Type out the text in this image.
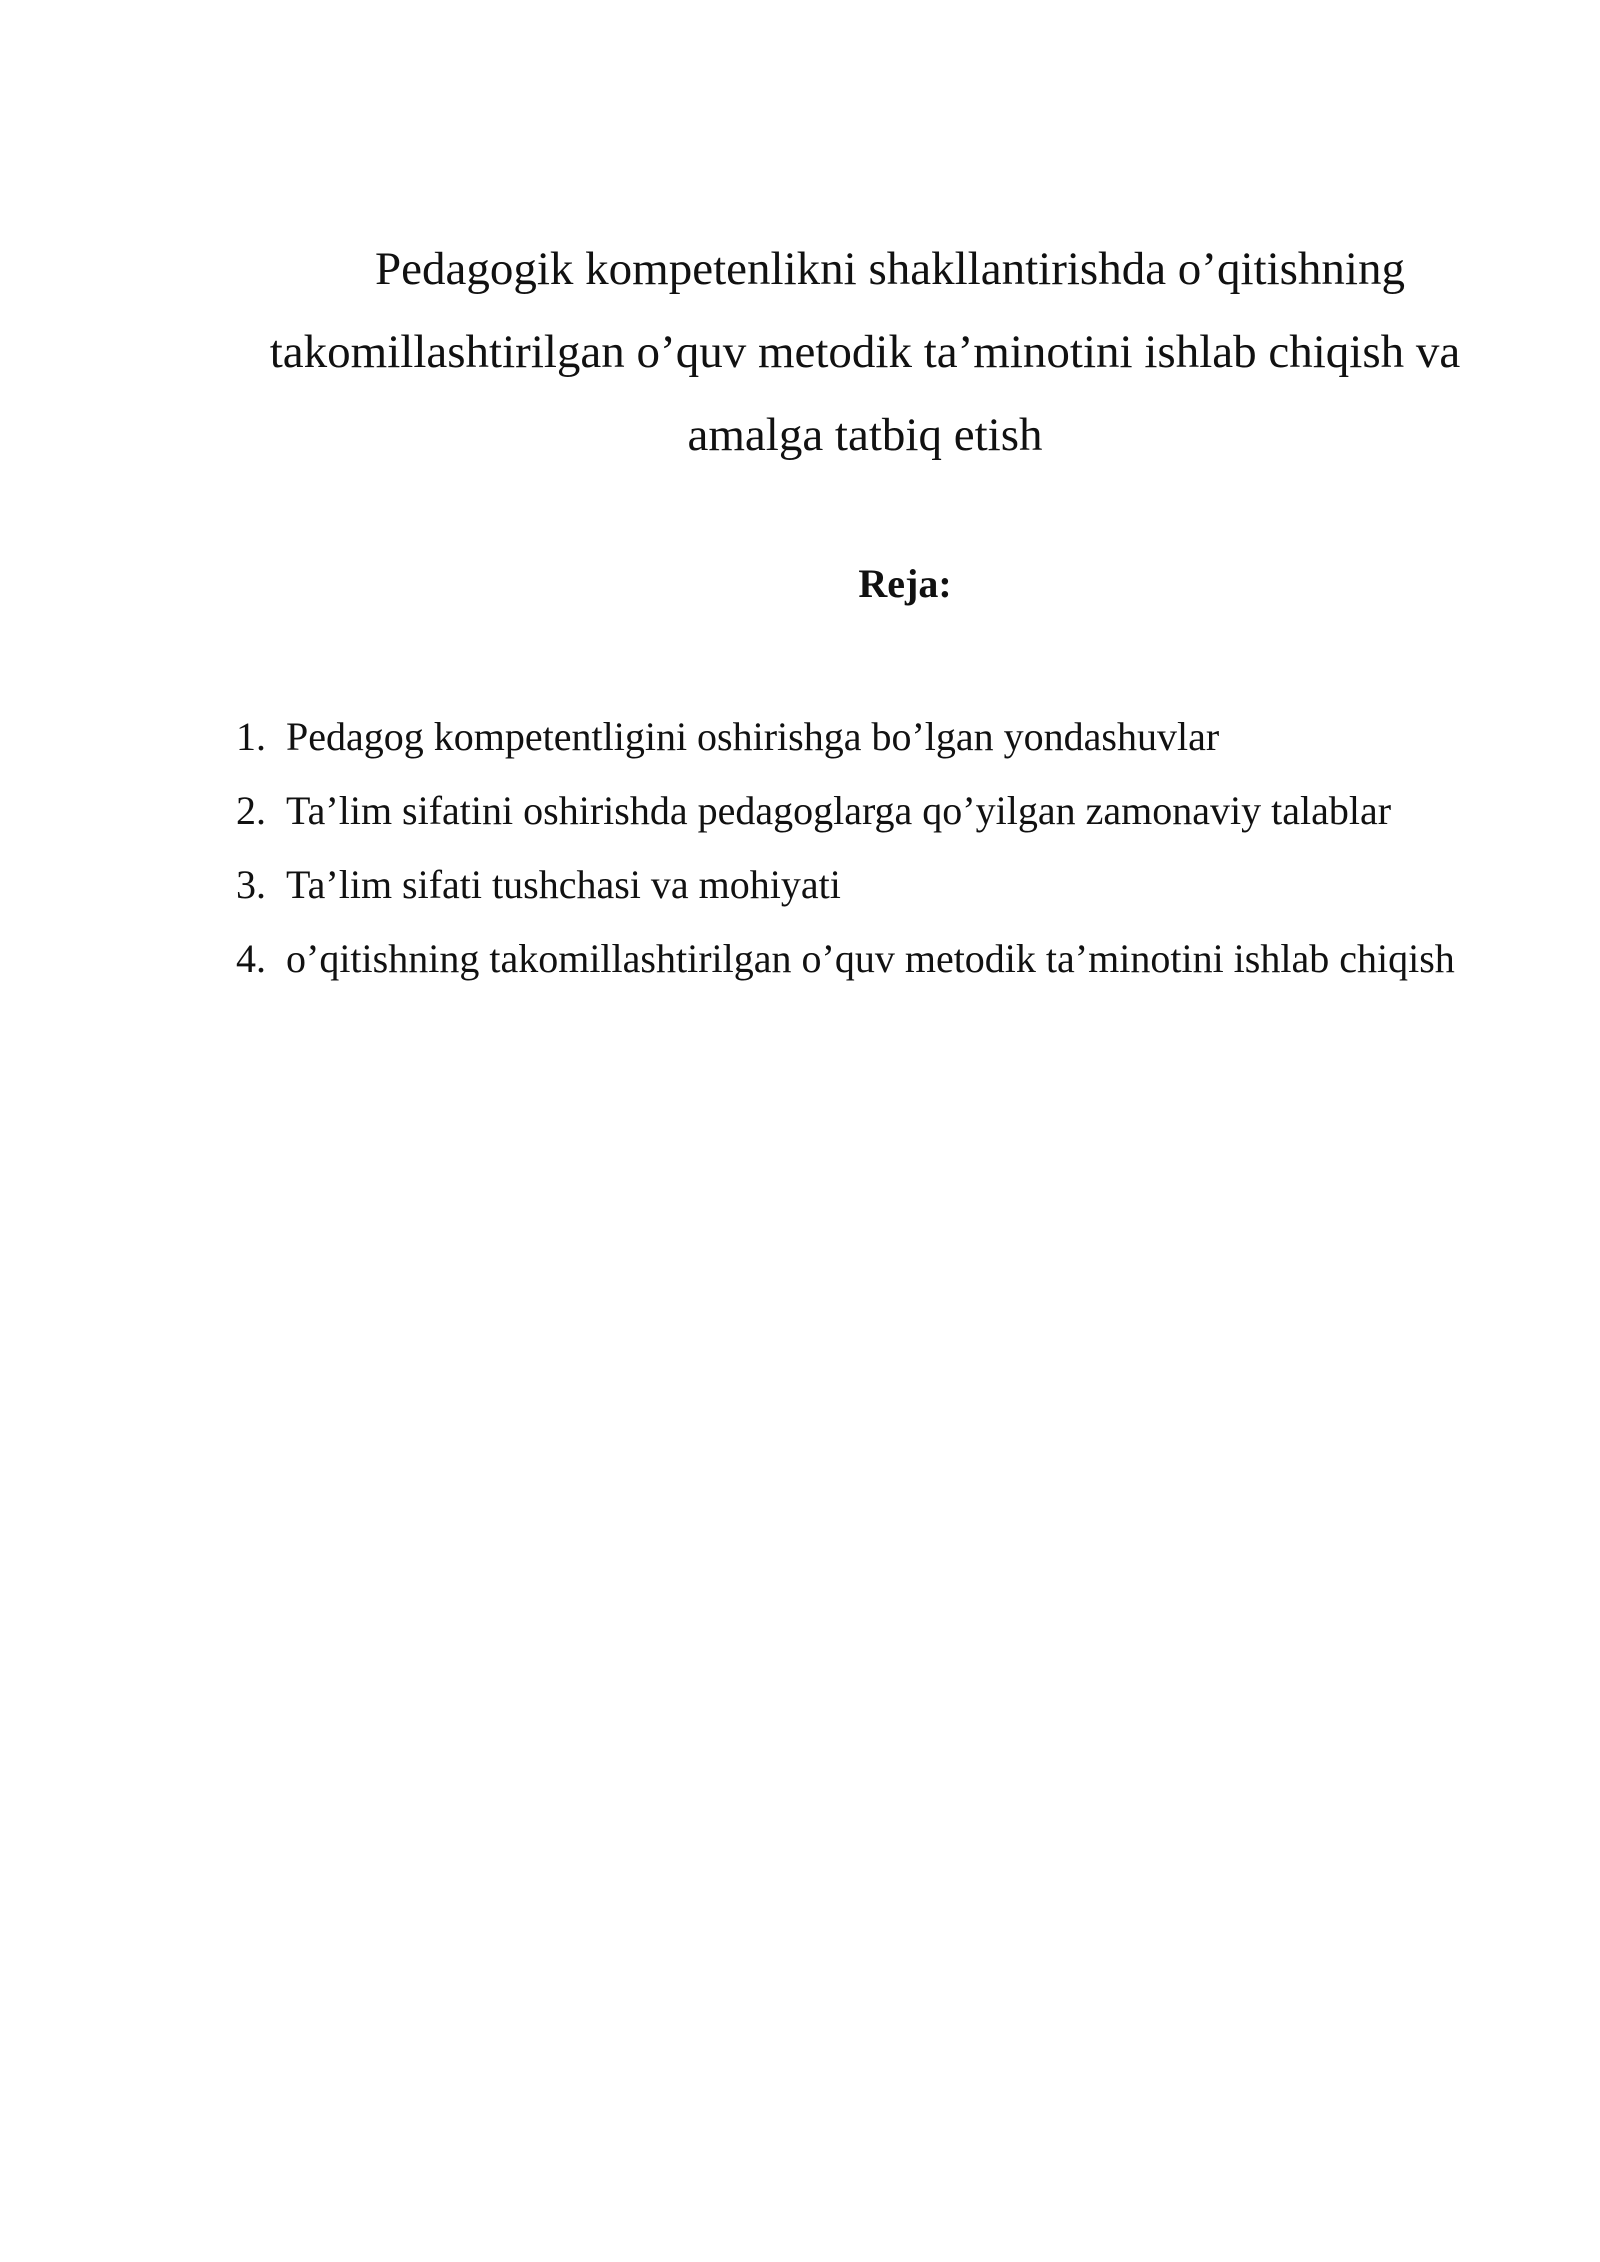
Pedagogik kompetenlikni shakllantirishda o’qitishning takomillashtirilgan o’quv metodik ta’minotini ishlab chiqish va amalga tatbiq etish
Reja:
1. Pedagog kompetentligini oshirishga bo’lgan yondashuvlar
2. Ta’lim sifatini oshirishda pedagoglarga qo’yilgan zamonaviy talablar
3. Ta’lim sifati tushchasi va mohiyati
4. o’qitishning takomillashtirilgan o’quv metodik ta’minotini ishlab chiqish
